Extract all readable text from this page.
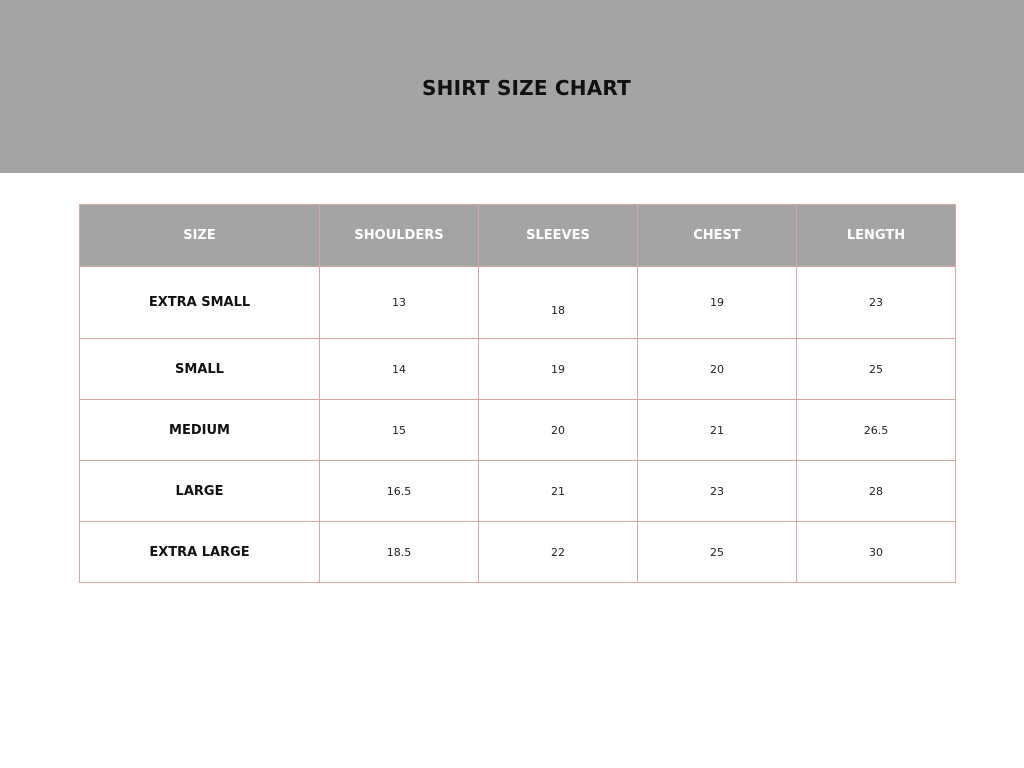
SHIRT SIZE CHART
SIZE	SHOULDERS	SLEEVES	CHEST	LENGTH
EXTRA SMALL	13	18	19	23
SMALL	14	19	20	25
MEDIUM	15	20	21	26.5
LARGE	16.5	21	23	28
EXTRA LARGE	18.5	22	25	30
